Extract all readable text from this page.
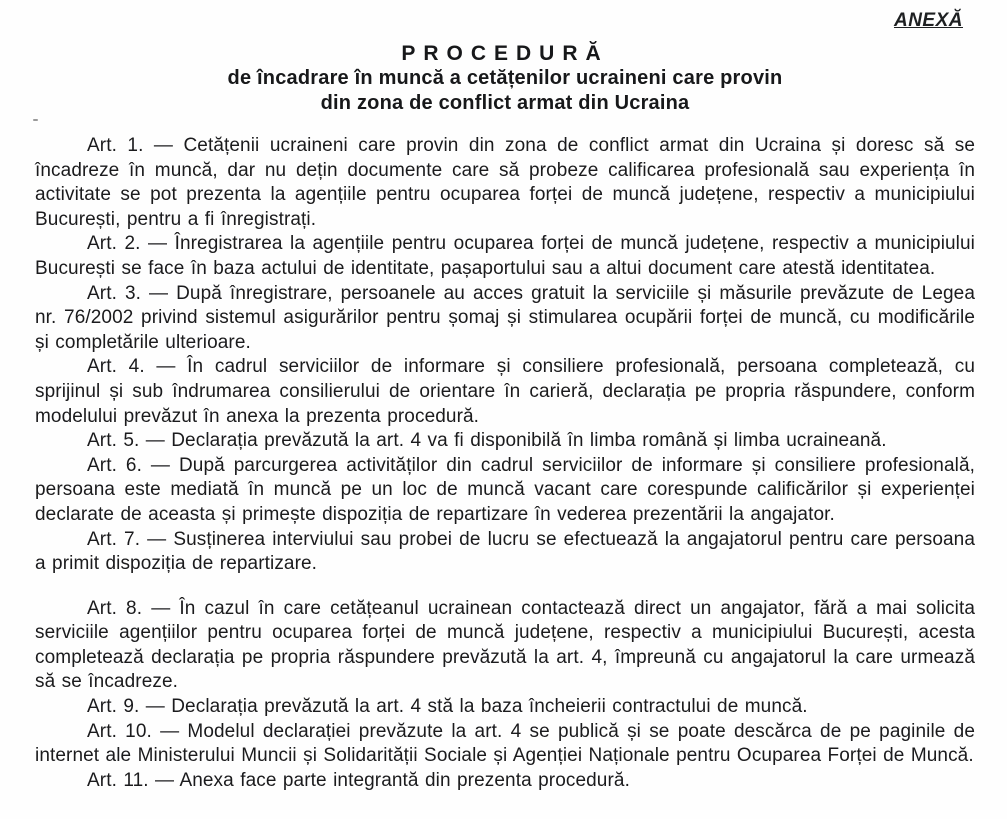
ANEXĂ
PROCEDURĂ
de încadrare în muncă a cetățenilor ucraineni care provin
din zona de conflict armat din Ucraina

Art. 1. — Cetățenii ucraineni care provin din zona de conflict armat din Ucraina și doresc să se încadreze în muncă, dar nu dețin documente care să probeze calificarea profesională sau experiența în activitate se pot prezenta la agențiile pentru ocuparea forței de muncă județene, respectiv a municipiului București, pentru a fi înregistrați.

Art. 2. — Înregistrarea la agențiile pentru ocuparea forței de muncă județene, respectiv a municipiului București se face în baza actului de identitate, pașaportului sau a altui document care atestă identitatea.

Art. 3. — După înregistrare, persoanele au acces gratuit la serviciile și măsurile prevăzute de Legea nr. 76/2002 privind sistemul asigurărilor pentru șomaj și stimularea ocupării forței de muncă, cu modificările și completările ulterioare.

Art. 4. — În cadrul serviciilor de informare și consiliere profesională, persoana completează, cu sprijinul și sub îndrumarea consilierului de orientare în carieră, declarația pe propria răspundere, conform modelului prevăzut în anexa la prezenta procedură.

Art. 5. — Declarația prevăzută la art. 4 va fi disponibilă în limba română și limba ucraineană.

Art. 6. — După parcurgerea activităților din cadrul serviciilor de informare și consiliere profesională, persoana este mediată în muncă pe un loc de muncă vacant care corespunde calificărilor și experienței declarate de aceasta și primește dispoziția de repartizare în vederea prezentării la angajator.

Art. 7. — Susținerea interviului sau probei de lucru se efectuează la angajatorul pentru care persoana a primit dispoziția de repartizare.

Art. 8. — În cazul în care cetățeanul ucrainean contactează direct un angajator, fără a mai solicita serviciile agențiilor pentru ocuparea forței de muncă județene, respectiv a municipiului București, acesta completează declarația pe propria răspundere prevăzută la art. 4, împreună cu angajatorul la care urmează să se încadreze.

Art. 9. — Declarația prevăzută la art. 4 stă la baza încheierii contractului de muncă.

Art. 10. — Modelul declarației prevăzute la art. 4 se publică și se poate descărca de pe paginile de internet ale Ministerului Muncii și Solidarității Sociale și Agenției Naționale pentru Ocuparea Forței de Muncă.

Art. 11. — Anexa face parte integrantă din prezenta procedură.
